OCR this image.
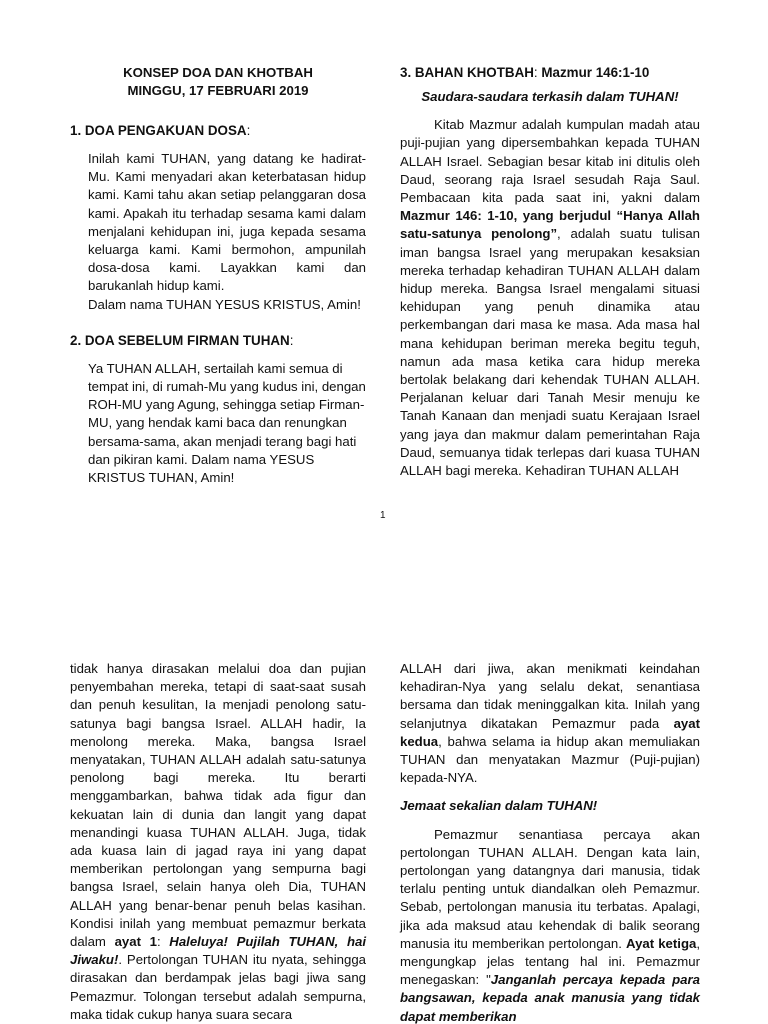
KONSEP DOA DAN KHOTBAH
MINGGU, 17 FEBRUARI 2019
1. DOA PENGAKUAN DOSA:

Inilah kami TUHAN, yang datang ke hadirat-Mu. Kami menyadari akan keterbatasan hidup kami. Kami tahu akan setiap pelanggaran dosa kami. Apakah itu terhadap sesama kami dalam menjalani kehidupan ini, juga kepada sesama keluarga kami. Kami bermohon, ampunilah dosa-dosa kami. Layakkan kami dan barukanlah hidup kami.

Dalam nama TUHAN YESUS KRISTUS, Amin!

2. DOA SEBELUM FIRMAN TUHAN:

Ya TUHAN ALLAH, sertailah kami semua di tempat ini, di rumah-Mu yang kudus ini, dengan ROH-MU yang Agung, sehingga setiap Firman-MU, yang hendak kami baca dan renungkan bersama-sama, akan menjadi terang bagi hati dan pikiran kami. Dalam nama YESUS KRISTUS TUHAN, Amin!

3. BAHAN KHOTBAH: Mazmur 146:1-10
Saudara-saudara terkasih dalam TUHAN!

Kitab Mazmur adalah kumpulan madah atau puji-pujian yang dipersembahkan kepada TUHAN ALLAH Israel. Sebagian besar kitab ini ditulis oleh Daud, seorang raja Israel sesudah Raja Saul. Pembacaan kita pada saat ini, yakni dalam Mazmur 146: 1-10, yang berjudul “Hanya Allah satu-satunya penolong”, adalah suatu tulisan iman bangsa Israel yang merupakan kesaksian mereka terhadap kehadiran TUHAN ALLAH dalam hidup mereka. Bangsa Israel mengalami situasi kehidupan yang penuh dinamika atau perkembangan dari masa ke masa. Ada masa hal mana kehidupan beriman mereka begitu teguh, namun ada masa ketika cara hidup mereka bertolak belakang dari kehendak TUHAN ALLAH. Perjalanan keluar dari Tanah Mesir menuju ke Tanah Kanaan dan menjadi suatu Kerajaan Israel yang jaya dan makmur dalam pemerintahan Raja Daud, semuanya tidak terlepas dari kuasa TUHAN ALLAH bagi mereka. Kehadiran TUHAN ALLAH

1

tidak hanya dirasakan melalui doa dan pujian penyembahan mereka, tetapi di saat-saat susah dan penuh kesulitan, Ia menjadi penolong satu-satunya bagi bangsa Israel. ALLAH hadir, Ia menolong mereka. Maka, bangsa Israel menyatakan, TUHAN ALLAH adalah satu-satunya penolong bagi mereka. Itu berarti menggambarkan, bahwa tidak ada figur dan kekuatan lain di dunia dan langit yang dapat menandingi kuasa TUHAN ALLAH. Juga, tidak ada kuasa lain di jagad raya ini yang dapat memberikan pertolongan yang sempurna bagi bangsa Israel, selain hanya oleh Dia, TUHAN ALLAH yang benar-benar penuh belas kasihan. Kondisi inilah yang membuat pemazmur berkata dalam ayat 1: Haleluya! Pujilah TUHAN, hai Jiwaku!. Pertolongan TUHAN itu nyata, sehingga dirasakan dan berdampak jelas bagi jiwa sang Pemazmur. Tolongan tersebut adalah sempurna, maka tidak cukup hanya suara secara

ALLAH dari jiwa, akan menikmati keindahan kehadiran-Nya yang selalu dekat, senantiasa bersama dan tidak meninggalkan kita. Inilah yang selanjutnya dikatakan Pemazmur pada ayat kedua, bahwa selama ia hidup akan memuliakan TUHAN dan menyatakan Mazmur (Puji-pujian) kepada-NYA.

Jemaat sekalian dalam TUHAN!

Pemazmur senantiasa percaya akan pertolongan TUHAN ALLAH. Dengan kata lain, pertolongan yang datangnya dari manusia, tidak terlalu penting untuk diandalkan oleh Pemazmur. Sebab, pertolongan manusia itu terbatas. Apalagi, jika ada maksud atau kehendak di balik seorang manusia itu memberikan pertolongan. Ayat ketiga, mengungkap jelas tentang hal ini. Pemazmur menegaskan: "Janganlah percaya kepada para bangsawan, kepada anak manusia yang tidak dapat memberikan
